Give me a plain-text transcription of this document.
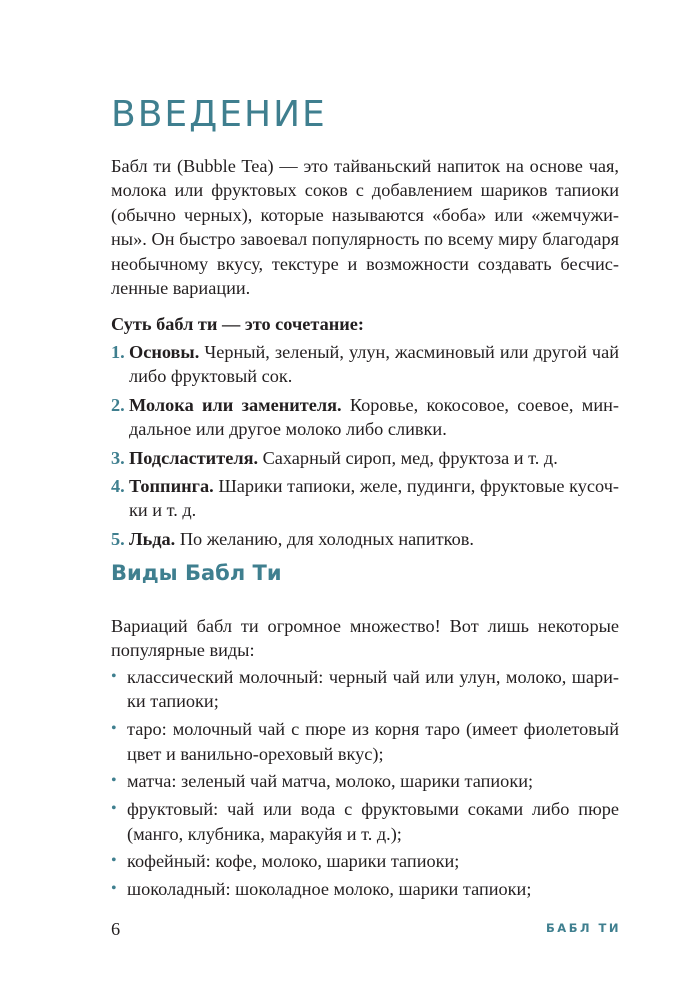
ВВЕДЕНИЕ
Бабл ти (Bubble Tea) — это тайваньский напиток на основе чая,
молока или фруктовых соков с добавлением шариков тапиоки
(обычно черных), которые называются «боба» или «жемчужи-
ны». Он быстро завоевал популярность по всему миру благодаря
необычному вкусу, текстуре и возможности создавать бесчис-
ленные вариации.
Суть бабл ти — это сочетание:
1. Основы. Черный, зеленый, улун, жасминовый или другой чай
либо фруктовый сок.
2. Молока или заменителя. Коровье, кокосовое, соевое, мин-
дальное или другое молоко либо сливки.
3. Подсластителя. Сахарный сироп, мед, фруктоза и т. д.
4. Топпинга. Шарики тапиоки, желе, пудинги, фруктовые кусоч-
ки и т. д.
5. Льда. По желанию, для холодных напитков.
Виды Бабл Ти
Вариаций бабл ти огромное множество! Вот лишь некоторые
популярные виды:
• классический молочный: черный чай или улун, молоко, шари-
ки тапиоки;
• таро: молочный чай с пюре из корня таро (имеет фиолетовый
цвет и ванильно-ореховый вкус);
• матча: зеленый чай матча, молоко, шарики тапиоки;
• фруктовый: чай или вода с фруктовыми соками либо пюре
(манго, клубника, маракуйя и т. д.);
• кофейный: кофе, молоко, шарики тапиоки;
• шоколадный: шоколадное молоко, шарики тапиоки;
6	БАБЛ ТИ
